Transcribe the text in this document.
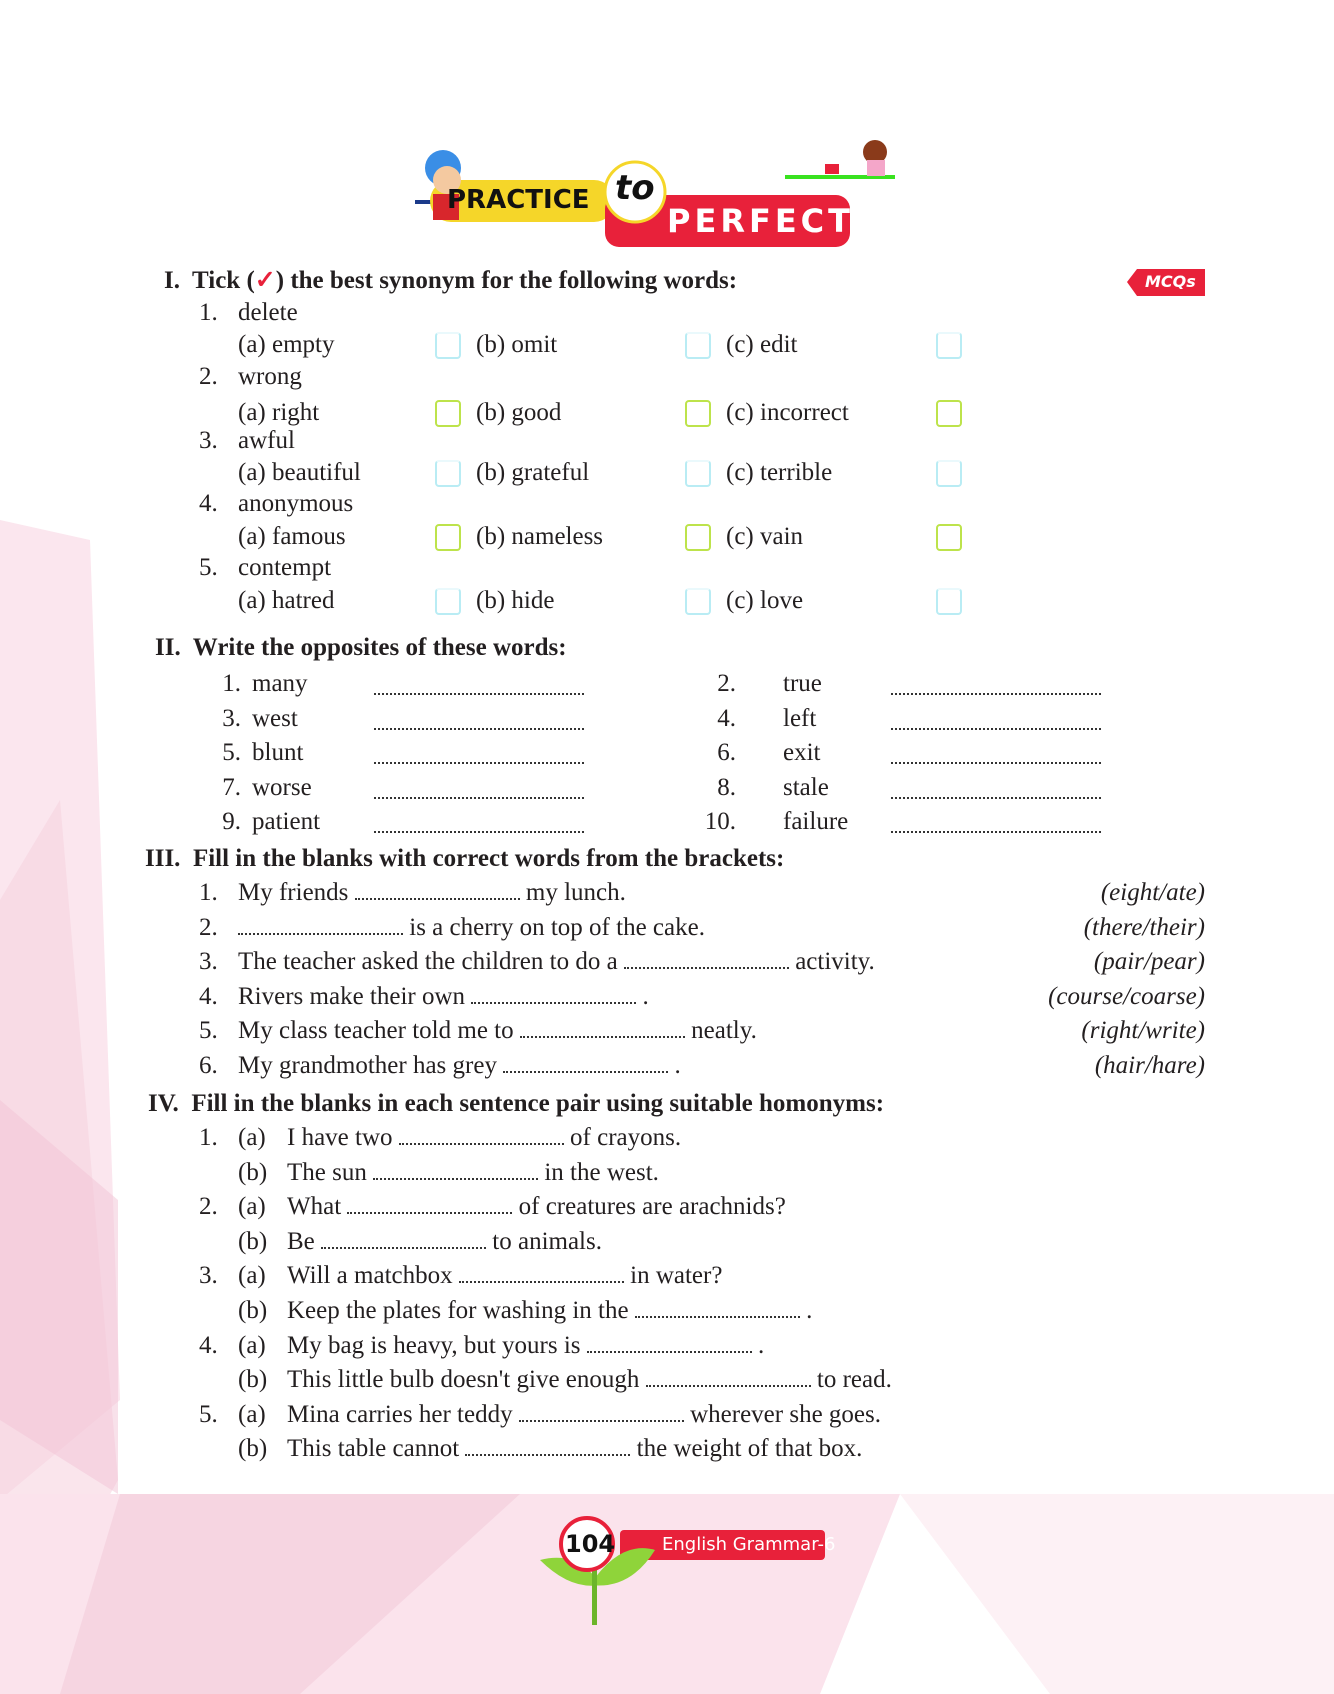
PRACTICE to
PERFECT
MCQs
I. Tick (✓) the best synonym for the following words:
1. delete
(a) empty	(b) omit	(c) edit
2. wrong
(a) right	(b) good	(c) incorrect
3. awful
(a) beautiful	(b) grateful	(c) terrible
4. anonymous
(a) famous	(b) nameless	(c) vain
5. contempt
(a) hatred	(b) hide	(c) love
II. Write the opposites of these words:
1. many	2. true
3. west	4. left
5. blunt	6. exit
7. worse	8. stale
9. patient	10. failure
III. Fill in the blanks with correct words from the brackets:
1. My friends	my lunch.	(eight/ate)
2.	is a cherry on top of the cake.	(there/their)
3. The teacher asked the children to do a	activity.	(pair/pear)
4. Rivers make their own	.	(course/coarse)
5. My class teacher told me to	neatly.	(right/write)
6. My grandmother has grey	.	(hair/hare)
IV. Fill in the blanks in each sentence pair using suitable homonyms:
1. (a) I have two	of crayons.
(b) The sun	in the west.
2. (a) What	of creatures are arachnids?
(b) Be	to animals.
3. (a) Will a matchbox	in water?
(b) Keep the plates for washing in the	.
4. (a) My bag is heavy, but yours is	.
(b) This little bulb doesn't give enough	to read.
5. (a) Mina carries her teddy	wherever she goes.
(b) This table cannot	the weight of that box.
104	English Grammar-6
